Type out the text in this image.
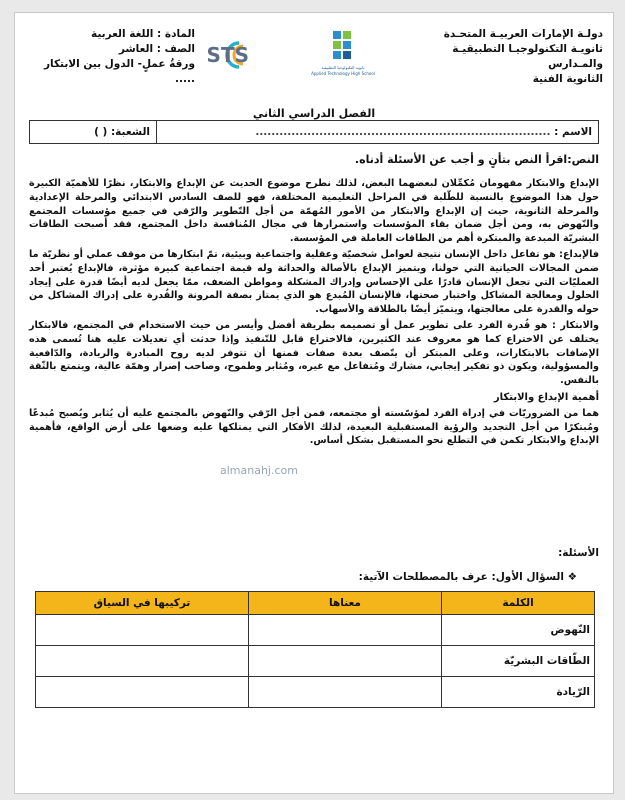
دولـة الإمارات العربيـة المتحـدة
ثانويـة التكنولوجيـا التطبيقيـة والمـدارس
الثانوية الفنية
ثانوية التكنولوجيا التطبيقية
Applied Technology High School
STS
المادة : اللغة العربية
الصف : العاشر
ورقةُ عملٍ- الدول بين الابتكار .....
الفصل الدراسي الثاني
الاسم : ..........................................................................
الشعبة: ( )
النص:اقرأ النص بتأنٍ و أجب عن الأسئلة أدناه.

الإبداع والابتكار مفهومان مُكمِّلان لبعضهما البعض، لذلك نطرح موضوع الحديث عن الإبداع والابتكار، نظرًا للأهميّة الكبيرة حول هذا الموضوع بالنسبة للطّلبة في المراحل التعليمية المختلفة، فهو للصف السادس الابتدائي والمرحلة الإعدادية والمرحلة الثانوية، حيث إن الإبداع والابتكار من الأمور المُهمّة من أجل التّطوير والرّقي في جميع مؤسسات المجتمع والنّهوض به، ومن أجل ضمان بقاء المؤسسات واستمرارها في مجال المُنافسة داخل المجتمع، فقد أصبحت الطاقات البشريّة المبدعة والمبتكرة أهم من الطاقات العاملة في المؤسسة.

فالإبداع: هو تفاعل داخل الإنسان نتيجة لعوامل شخصيّة وعقلية واجتماعية وبيئية، تمّ ابتكارها من موقف عملي أو نظريّة ما ضمن المجالات الحياتية التي حولنا، ويتميز الإبداع بالأصالة والحداثة وله قيمة اجتماعية كبيرة مؤثرة، فالإبداع يُعتبر أحد العمليّات التي تجعل الإنسان قادرًا على الإحساس وإدراك المشكلة ومواطن الضعف، ممّا يجعل لديه أيضًا قدرة على إيجاد الحلول ومعالجة المشاكل واختبار صحتها، فالإنسان المُبدع هو الذي يمتاز بصفة المرونة والقُدرة على إدراك المشاكل من حوله والقدرة على معالجتها، ويتميّز أيضًا بالطلاقة والأسهاب.

والابتكار : هو قُدرة الفرد على تطوير عمل أو تصميمه بطريقة أفضل وأيسر من حيث الاستخدام في المجتمع، فالابتكار يختلف عن الاختراع كما هو معروف عند الكثيرين، فالاختراع قابل للتّنفيذ وإذا حدثت أي تعديلات عليه هنا تُسمى هذه الإضافات بالابتكارات، وعلى المبتكر أن يتّصف بعدة صفات فمنها أن تتوفر لديه روح المبادرة والريادة، والدّافعية والمسؤولية، ويكون ذو تفكير إيجابي، مشارك ومُتفاعل مع غيره، ومُثابر وطموح، وصاحب إصرار وهمّة عالية، ويتمتع بالثّقة بالنفس.

أهمية الإبداع والابتكار

هما من الضروريّات في إدراة الفرد لمؤسّسته أو مجتمعه، فمن أجل الرّقي والنّهوض بالمجتمع عليه أن يُثابر ويُصبح مُبدعًا ومُبتكرًا من أجل التجديد والرؤية المستقبلية البعيدة، لذلك الأفكار التي يمتلكها عليه وضعها على أرض الواقع، فأهمية الإبداع والابتكار تكمن في التطلع نحو المستقبل بشكل أساس.

almanahj.com
الأسئلة:
❖ السؤال الأول: عرف بالمصطلحات الآتية:
الكلمة	معناها	تركيبها في السياق
النّهوض		
الطّاقات البشريّة		
الرّيادة		
